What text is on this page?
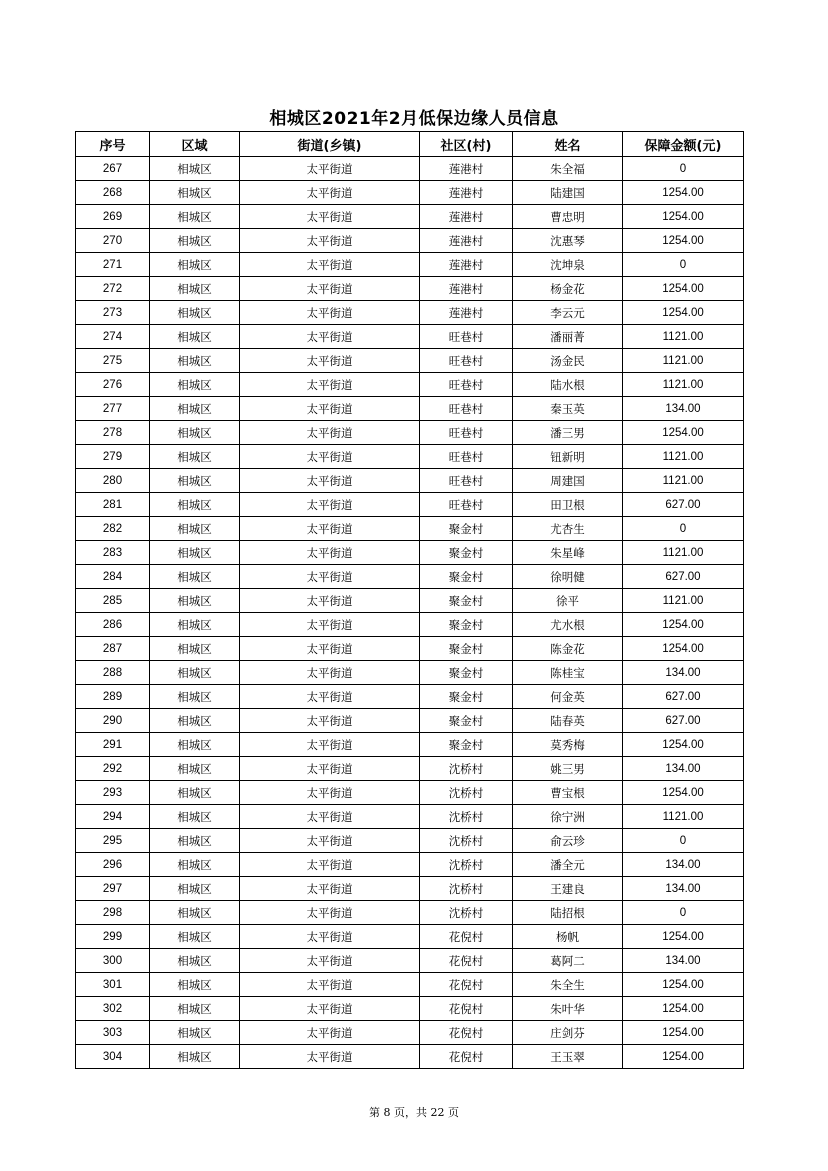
相城区2021年2月低保边缘人员信息
序号	区域	街道(乡镇)	社区(村)	姓名	保障金额(元)
267	相城区	太平街道	莲港村	朱全福	0
268	相城区	太平街道	莲港村	陆建国	1254.00
269	相城区	太平街道	莲港村	曹忠明	1254.00
270	相城区	太平街道	莲港村	沈惠琴	1254.00
271	相城区	太平街道	莲港村	沈坤泉	0
272	相城区	太平街道	莲港村	杨金花	1254.00
273	相城区	太平街道	莲港村	李云元	1254.00
274	相城区	太平街道	旺巷村	潘丽菁	1121.00
275	相城区	太平街道	旺巷村	汤金民	1121.00
276	相城区	太平街道	旺巷村	陆水根	1121.00
277	相城区	太平街道	旺巷村	秦玉英	134.00
278	相城区	太平街道	旺巷村	潘三男	1254.00
279	相城区	太平街道	旺巷村	钮新明	1121.00
280	相城区	太平街道	旺巷村	周建国	1121.00
281	相城区	太平街道	旺巷村	田卫根	627.00
282	相城区	太平街道	聚金村	尤杏生	0
283	相城区	太平街道	聚金村	朱星峰	1121.00
284	相城区	太平街道	聚金村	徐明健	627.00
285	相城区	太平街道	聚金村	徐平	1121.00
286	相城区	太平街道	聚金村	尤水根	1254.00
287	相城区	太平街道	聚金村	陈金花	1254.00
288	相城区	太平街道	聚金村	陈桂宝	134.00
289	相城区	太平街道	聚金村	何金英	627.00
290	相城区	太平街道	聚金村	陆春英	627.00
291	相城区	太平街道	聚金村	莫秀梅	1254.00
292	相城区	太平街道	沈桥村	姚三男	134.00
293	相城区	太平街道	沈桥村	曹宝根	1254.00
294	相城区	太平街道	沈桥村	徐宁洲	1121.00
295	相城区	太平街道	沈桥村	俞云珍	0
296	相城区	太平街道	沈桥村	潘全元	134.00
297	相城区	太平街道	沈桥村	王建良	134.00
298	相城区	太平街道	沈桥村	陆招根	0
299	相城区	太平街道	花倪村	杨帆	1254.00
300	相城区	太平街道	花倪村	葛阿二	134.00
301	相城区	太平街道	花倪村	朱全生	1254.00
302	相城区	太平街道	花倪村	朱叶华	1254.00
303	相城区	太平街道	花倪村	庄剑芬	1254.00
304	相城区	太平街道	花倪村	王玉翠	1254.00
第 8 页，共 22 页
